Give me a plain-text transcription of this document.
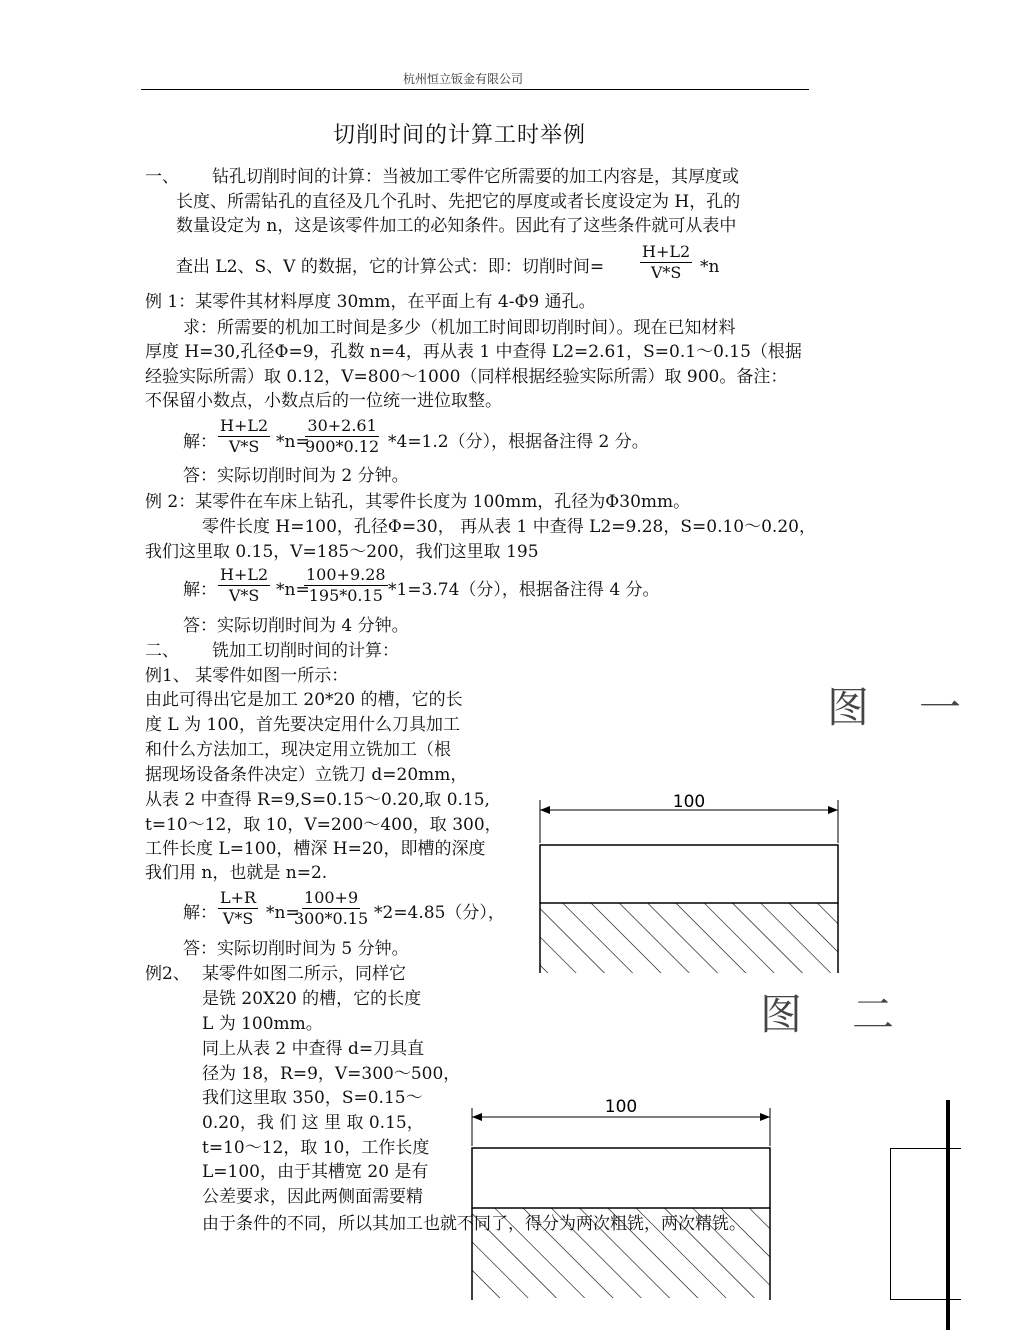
杭州恒立钣金有限公司
切削时间的计算工时举例
一、 钻孔切削时间的计算：当被加工零件它所需要的加工内容是，其厚度或
长度、所需钻孔的直径及几个孔时、先把它的厚度或者长度设定为 H，孔的
数量设定为 n，这是该零件加工的必知条件。因此有了这些条件就可从表中
查出 L2、S、V 的数据，它的计算公式：即：切削时间= $\frac{H+L2}{V*S} *n$
例 1：某零件其材料厚度 30mm，在平面上有 4-Φ9 通孔。
求：所需要的机加工时间是多少（机加工时间即切削时间）。现在已知材料
厚度 H=30,孔径Φ=9，孔数 n=4，再从表 1 中查得 L2=2.61，S=0.1～0.15（根据
经验实际所需）取 0.12，V=800～1000（同样根据经验实际所需）取 900。备注：
不保留小数点，小数点后的一位统一进位取整。
解： $\frac{H+L2}{V*S} *n=$
$\frac{30+2.61}{900*0.12} *4=1.2$（分），根据备注得 2 分。
答：实际切削时间为 2 分钟。
例 2：某零件在车床上钻孔，其零件长度为 100mm，孔径为Φ30mm。
零件长度 H=100，孔径Φ=30， 再从表 1 中查得 L2=9.28，S=0.10～0.20，
我们这里取 0.15，V=185～200，我们这里取 195
解： $\frac{H+L2}{V*S} *n=$
$\frac{100+9.28}{195*0.15} *1=3.74$（分），根据备注得 4 分。
答：实际切削时间为 4 分钟。
二、 铣加工切削时间的计算：
例1、 某零件如图一所示：
由此可得出它是加工 20*20 的槽，它的长
度 L 为 100，首先要决定用什么刀具加工
和什么方法加工，现决定用立铣加工（根
据现场设备条件决定）立铣刀 d=20mm，
从表 2 中查得 R=9,S=0.15～0.20,取 0.15,
t=10～12，取 10，V=200～400，取 300，
工件长度 L=100，槽深 H=20，即槽的深度
我们用 n，也就是 n=2.
解： $\frac{L+R}{V*S} *n=$
$\frac{100+9}{300*0.15} *2=4.85$（分），
答：实际切削时间为 5 分钟。
例2、 某零件如图二所示，同样它
是铣 20X20 的槽，它的长度
L 为 100mm。
同上从表 2 中查得 d=刀具直
径为 18，R=9，V=300～500，
我们这里取 350，S=0.15～
0.20，我 们 这 里 取 0.15，
t=10～12，取 10，工作长度
L=100，由于其槽宽 20 是有
公差要求，因此两侧面需要精
图一
100
图二
100
由于条件的不同，所以其加工也就不同了，得分为两次粗铣，两次精铣。
